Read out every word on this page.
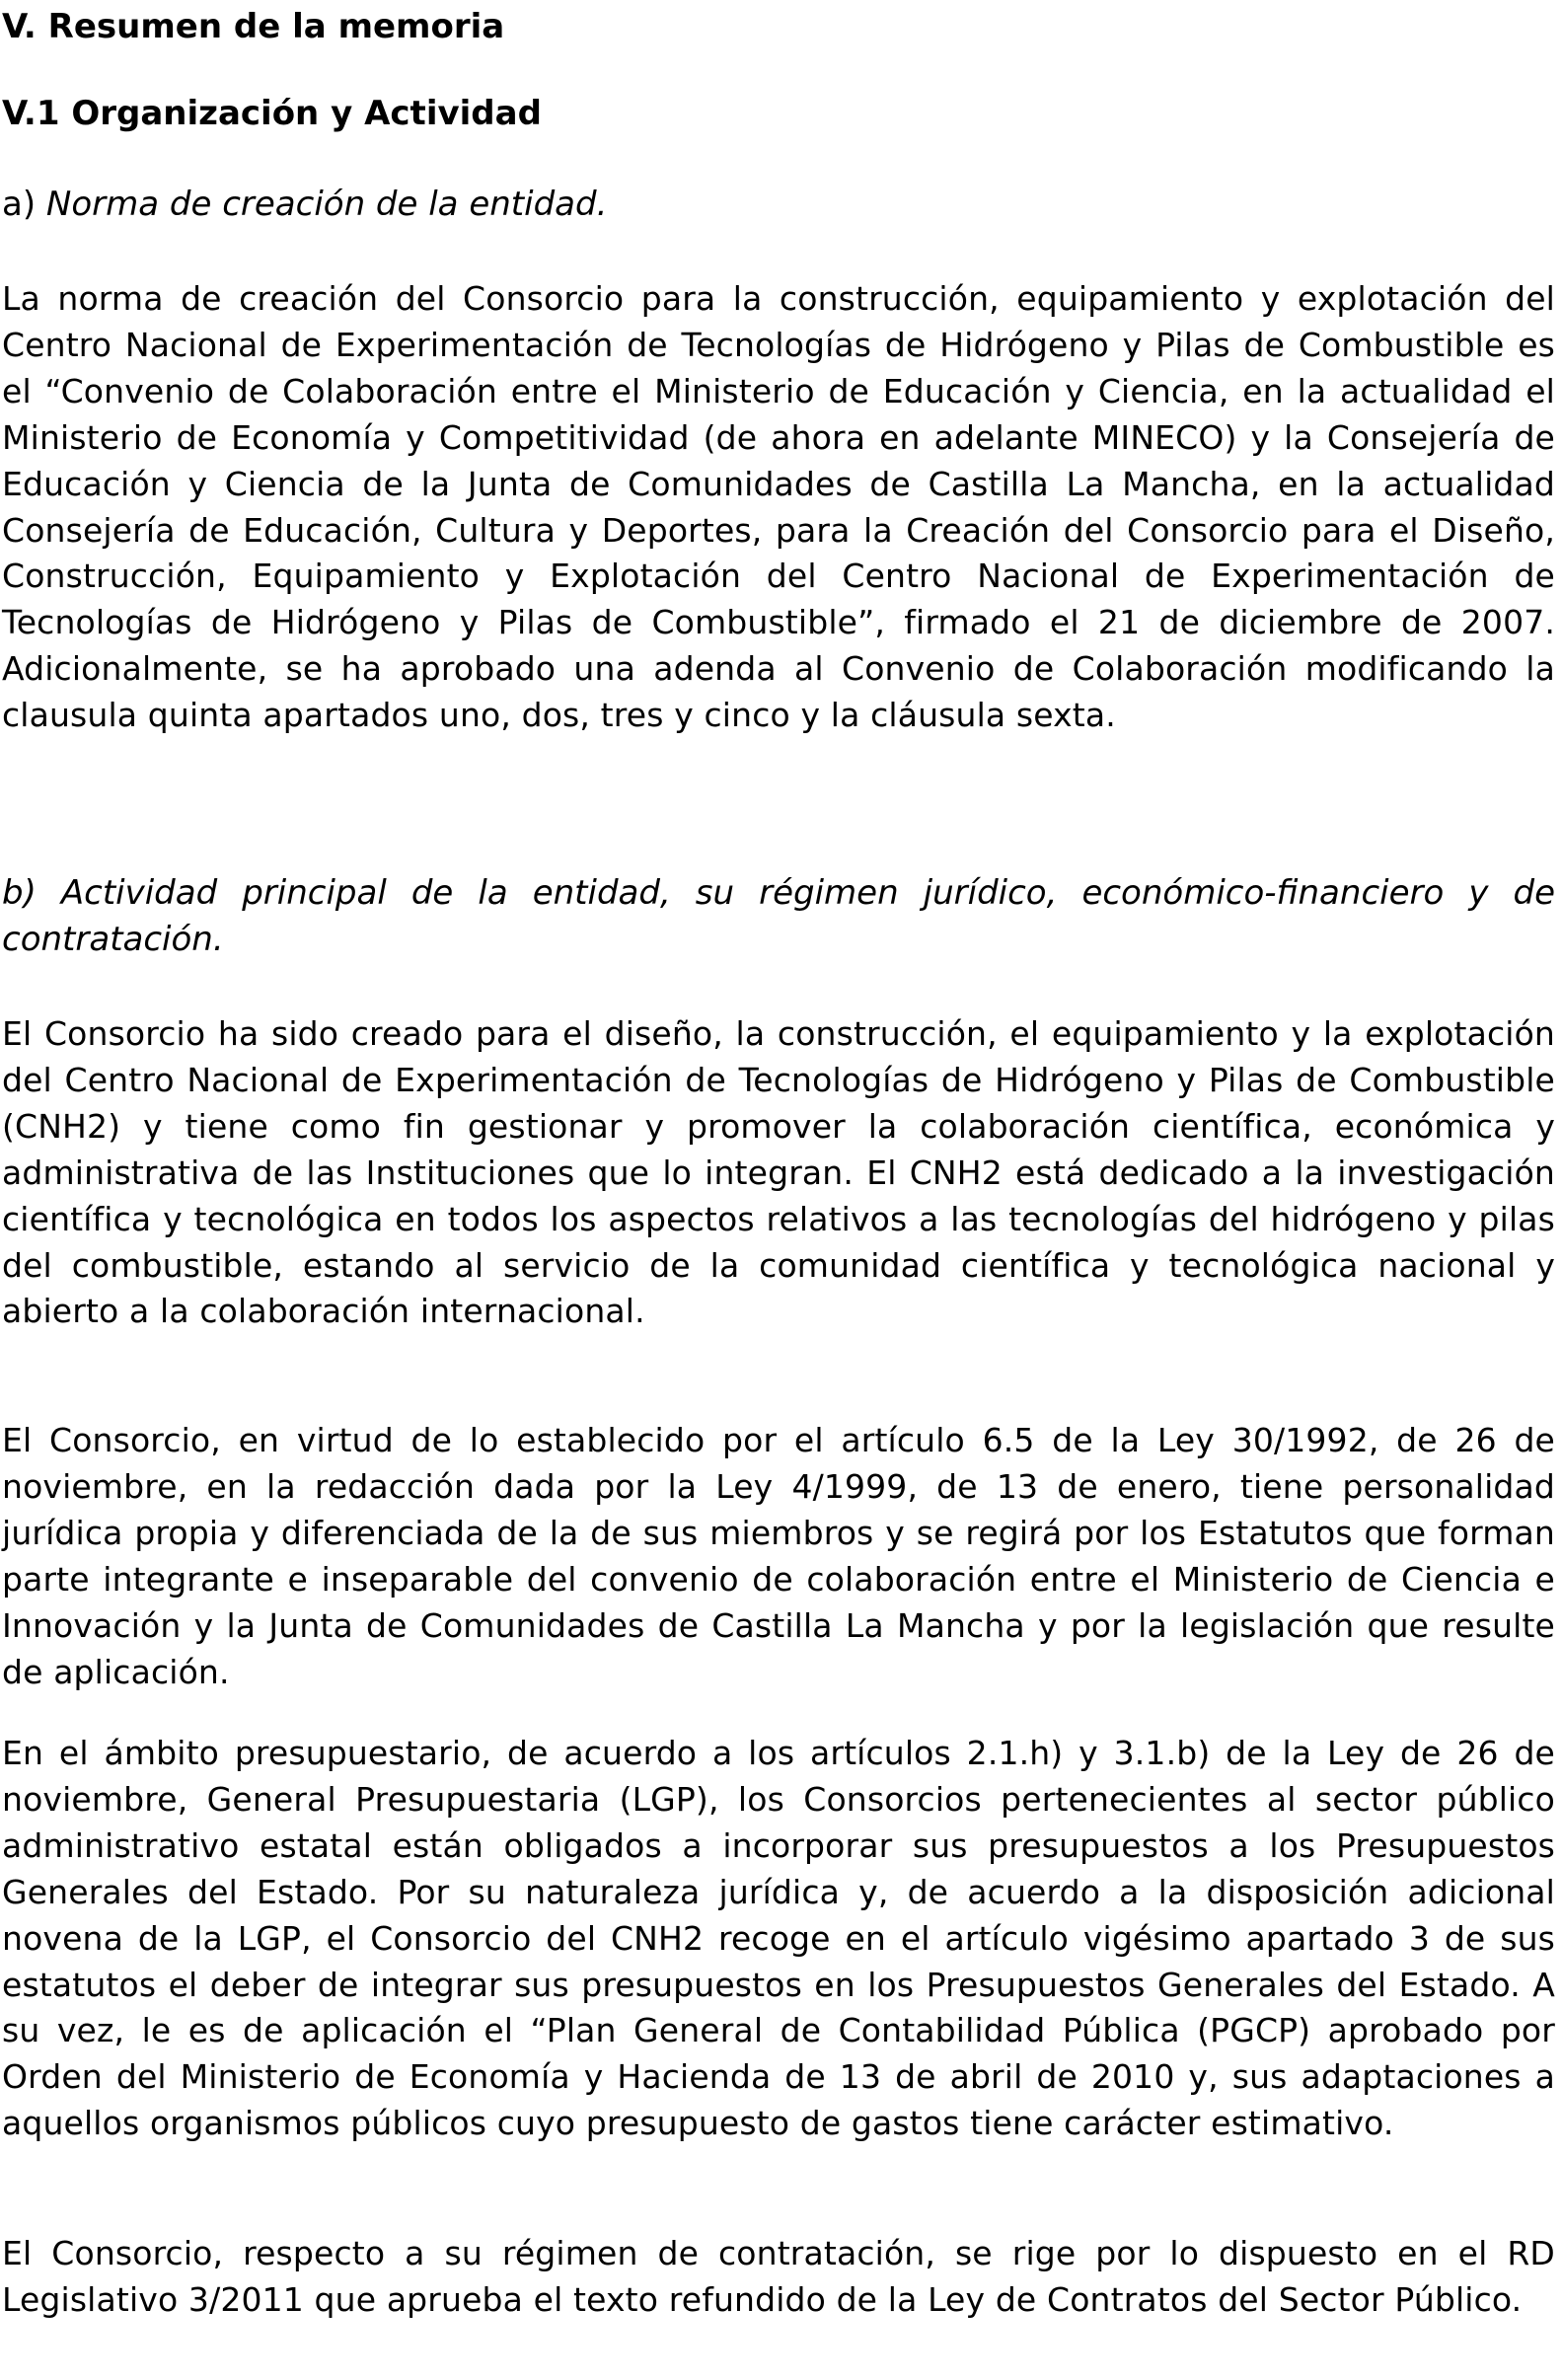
V. Resumen de la memoria
V.1 Organización y Actividad

a) Norma de creación de la entidad.

La norma de creación del Consorcio para la construcción, equipamiento y explotación del Centro Nacional de Experimentación de Tecnologías de Hidrógeno y Pilas de Combustible es el “Convenio de Colaboración entre el Ministerio de Educación y Ciencia, en la actualidad el Ministerio de Economía y Competitividad (de ahora en adelante MINECO) y la Consejería de Educación y Ciencia de la Junta de Comunidades de Castilla La Mancha, en la actualidad Consejería de Educación, Cultura y Deportes, para la Creación del Consorcio para el Diseño, Construcción, Equipamiento y Explotación del Centro Nacional de Experimentación de Tecnologías de Hidrógeno y Pilas de Combustible”, firmado el 21 de diciembre de 2007. Adicionalmente, se ha aprobado una adenda al Convenio de Colaboración modificando la clausula quinta apartados uno, dos, tres y cinco y la cláusula sexta.

b) Actividad principal de la entidad, su régimen jurídico, económico-financiero y de contratación.

El Consorcio ha sido creado para el diseño, la construcción, el equipamiento y la explotación del Centro Nacional de Experimentación de Tecnologías de Hidrógeno y Pilas de Combustible (CNH2) y tiene como fin gestionar y promover la colaboración científica, económica y administrativa de las Instituciones que lo integran. El CNH2 está dedicado a la investigación científica y tecnológica en todos los aspectos relativos a las tecnologías del hidrógeno y pilas del combustible, estando al servicio de la comunidad científica y tecnológica nacional y abierto a la colaboración internacional.

El Consorcio, en virtud de lo establecido por el artículo 6.5 de la Ley 30/1992, de 26 de noviembre, en la redacción dada por la Ley 4/1999, de 13 de enero, tiene personalidad jurídica propia y diferenciada de la de sus miembros y se regirá por los Estatutos que forman parte integrante e inseparable del convenio de colaboración entre el Ministerio de Ciencia e Innovación y la Junta de Comunidades de Castilla La Mancha y por la legislación que resulte de aplicación.

En el ámbito presupuestario, de acuerdo a los artículos 2.1.h) y 3.1.b) de la Ley de 26 de noviembre, General Presupuestaria (LGP), los Consorcios pertenecientes al sector público administrativo estatal están obligados a incorporar sus presupuestos a los Presupuestos Generales del Estado. Por su naturaleza jurídica y, de acuerdo a la disposición adicional novena de la LGP, el Consorcio del CNH2 recoge en el artículo vigésimo apartado 3 de sus estatutos el deber de integrar sus presupuestos en los Presupuestos Generales del Estado. A su vez, le es de aplicación el “Plan General de Contabilidad Pública (PGCP) aprobado por Orden del Ministerio de Economía y Hacienda de 13 de abril de 2010 y, sus adaptaciones a aquellos organismos públicos cuyo presupuesto de gastos tiene carácter estimativo.

El Consorcio, respecto a su régimen de contratación, se rige por lo dispuesto en el RD Legislativo 3/2011 que aprueba el texto refundido de la Ley de Contratos del Sector Público.
